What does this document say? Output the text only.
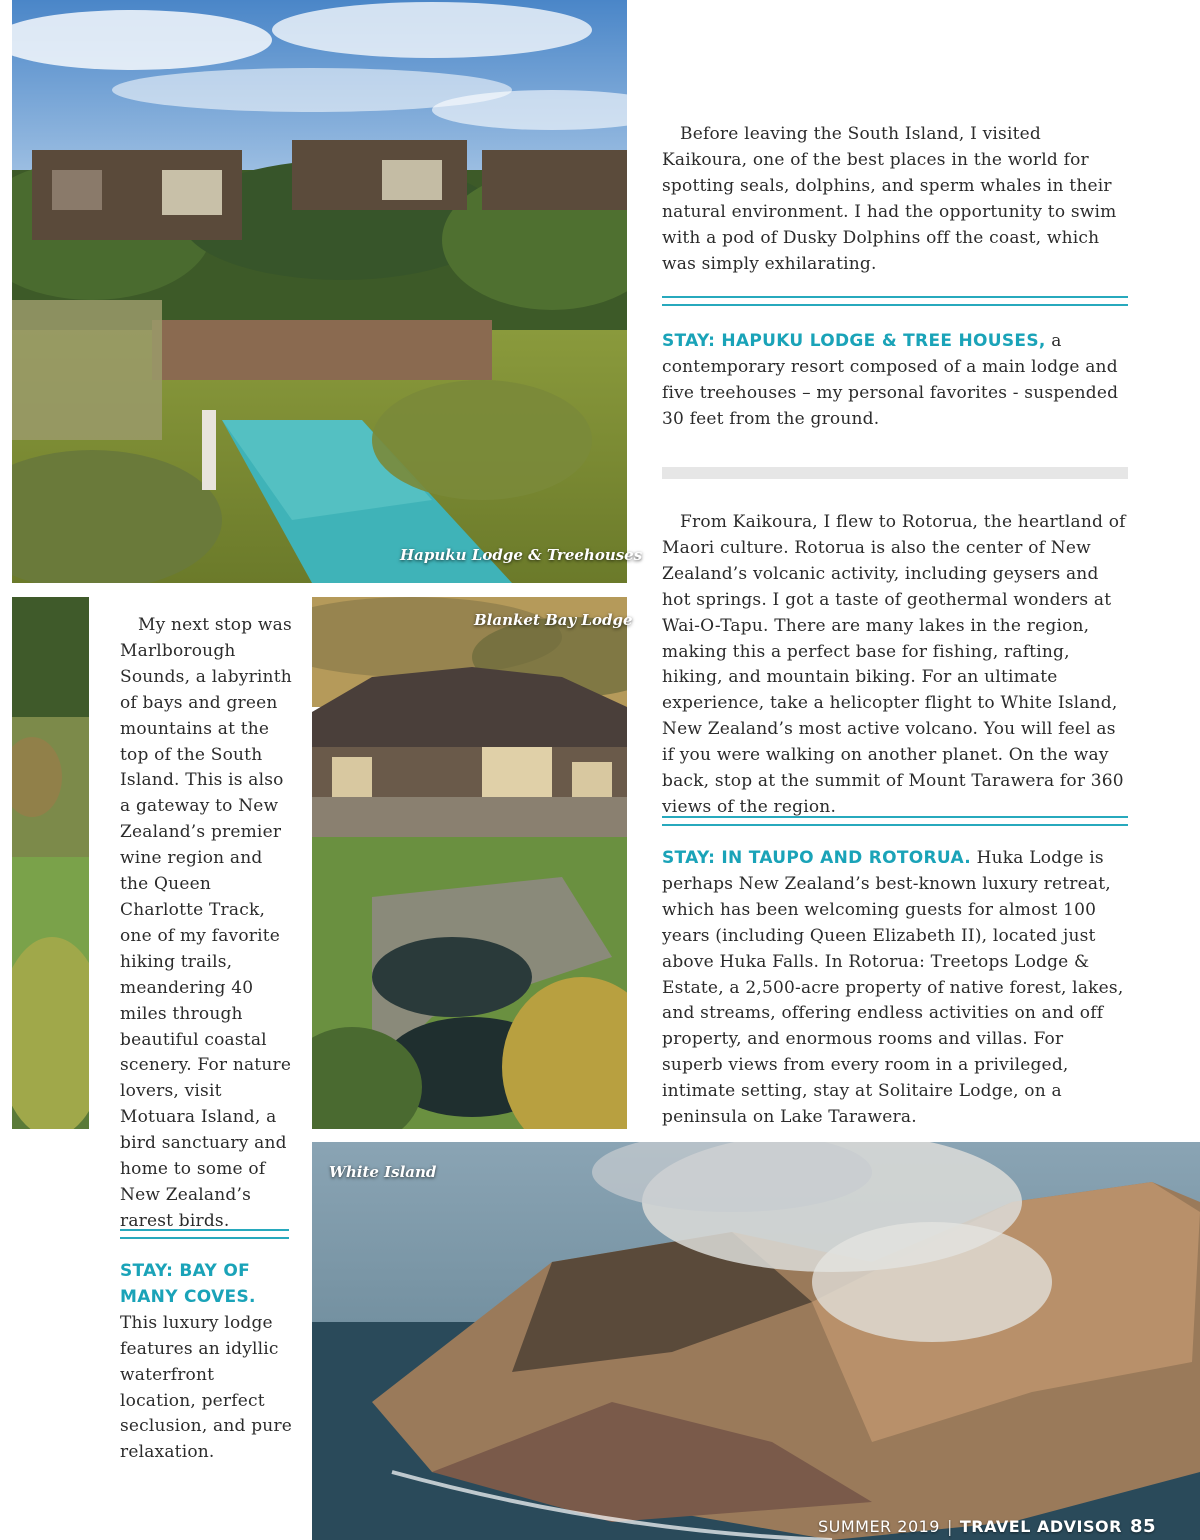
Hapuku Lodge & Treehouses
Blanket Bay Lodge
White Island

Before leaving the South Island, I visited Kaikoura, one of the best places in the world for spotting seals, dolphins, and sperm whales in their natural environment. I had the opportunity to swim with a pod of Dusky Dolphins off the coast, which was simply exhilarating.

STAY: HAPUKU LODGE & TREE HOUSES, a contemporary resort composed of a main lodge and five treehouses – my personal favorites - suspended 30 feet from the ground.

From Kaikoura, I flew to Rotorua, the heartland of Maori culture. Rotorua is also the center of New Zealand’s volcanic activity, including geysers and hot springs. I got a taste of geothermal wonders at Wai-O-Tapu. There are many lakes in the region, making this a perfect base for fishing, rafting, hiking, and mountain biking. For an ultimate experience, take a helicopter flight to White Island, New Zealand’s most active volcano. You will feel as if you were walking on another planet. On the way back, stop at the summit of Mount Tarawera for 360 views of the region.

STAY: IN TAUPO AND ROTORUA. Huka Lodge is perhaps New Zealand’s best-known luxury retreat, which has been welcoming guests for almost 100 years (including Queen Elizabeth II), located just above Huka Falls. In Rotorua: Treetops Lodge & Estate, a 2,500-acre property of native forest, lakes, and streams, offering endless activities on and off property, and enormous rooms and villas. For superb views from every room in a privileged, intimate setting, stay at Solitaire Lodge, on a peninsula on Lake Tarawera.

My next stop was Marlborough Sounds, a labyrinth of bays and green mountains at the top of the South Island. This is also a gateway to New Zealand’s premier wine region and the Queen Charlotte Track, one of my favorite hiking trails, meandering 40 miles through beautiful coastal scenery. For nature lovers, visit Motuara Island, a bird sanctuary and home to some of New Zealand’s rarest birds.

STAY: BAY OF MANY COVES. This luxury lodge features an idyllic waterfront location, perfect seclusion, and pure relaxation.

SUMMER 2019 | TRAVEL ADVISOR 85
